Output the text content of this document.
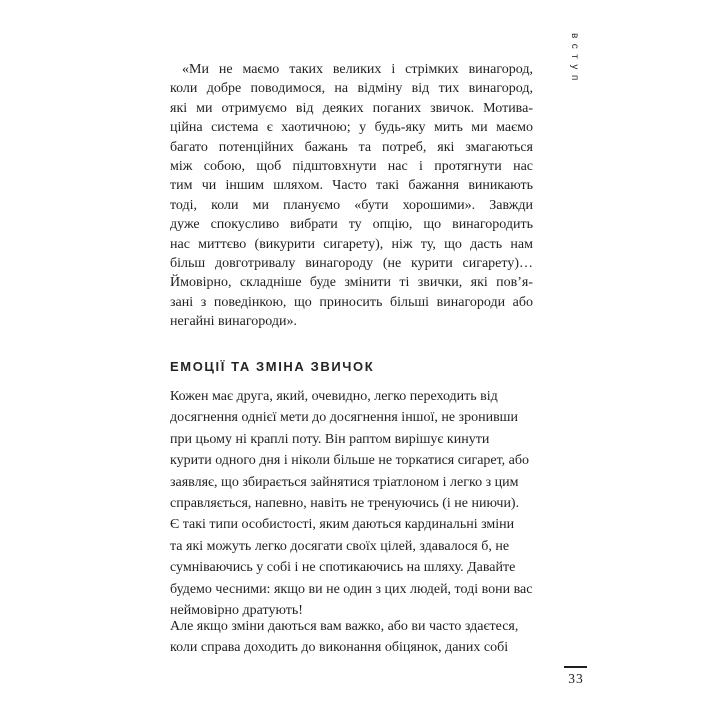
вступ
«Ми не маємо таких великих і стрімких винагород,
коли добре поводимося, на відміну від тих винагород,
які ми отримуємо від деяких поганих звичок. Мотива-
ційна система є хаотичною; у будь-яку мить ми маємо
багато потенційних бажань та потреб, які змагаються
між собою, щоб підштовхнути нас і протягнути нас
тим чи іншим шляхом. Часто такі бажання виникають
тоді, коли ми плануємо «бути хорошими». Завжди
дуже спокусливо вибрати ту опцію, що винагородить
нас миттєво (викурити сигарету), ніж ту, що дасть нам
більш довготривалу винагороду (не курити сигарету)…
Ймовірно, складніше буде змінити ті звички, які пов’я-
зані з поведінкою, що приносить більші винагороди або
негайні винагороди».
ЕМОЦІЇ ТА ЗМІНА ЗВИЧОК
Кожен має друга, який, очевидно, легко переходить від
досягнення однієї мети до досягнення іншої, не зронивши
при цьому ні краплі поту. Він раптом вирішує кинути
курити одного дня і ніколи більше не торкатися сигарет, або
заявляє, що збирається зайнятися тріатлоном і легко з цим
справляється, напевно, навіть не тренуючись (і не ниючи).
Є такі типи особистості, яким даються кардинальні зміни
та які можуть легко досягати своїх цілей, здавалося б, не
сумніваючись у собі і не спотикаючись на шляху. Давайте
будемо чесними: якщо ви не один з цих людей, тоді вони вас
неймовірно дратують!
Але якщо зміни даються вам важко, або ви часто здаєтеся,
коли справа доходить до виконання обіцянок, даних собі
33
